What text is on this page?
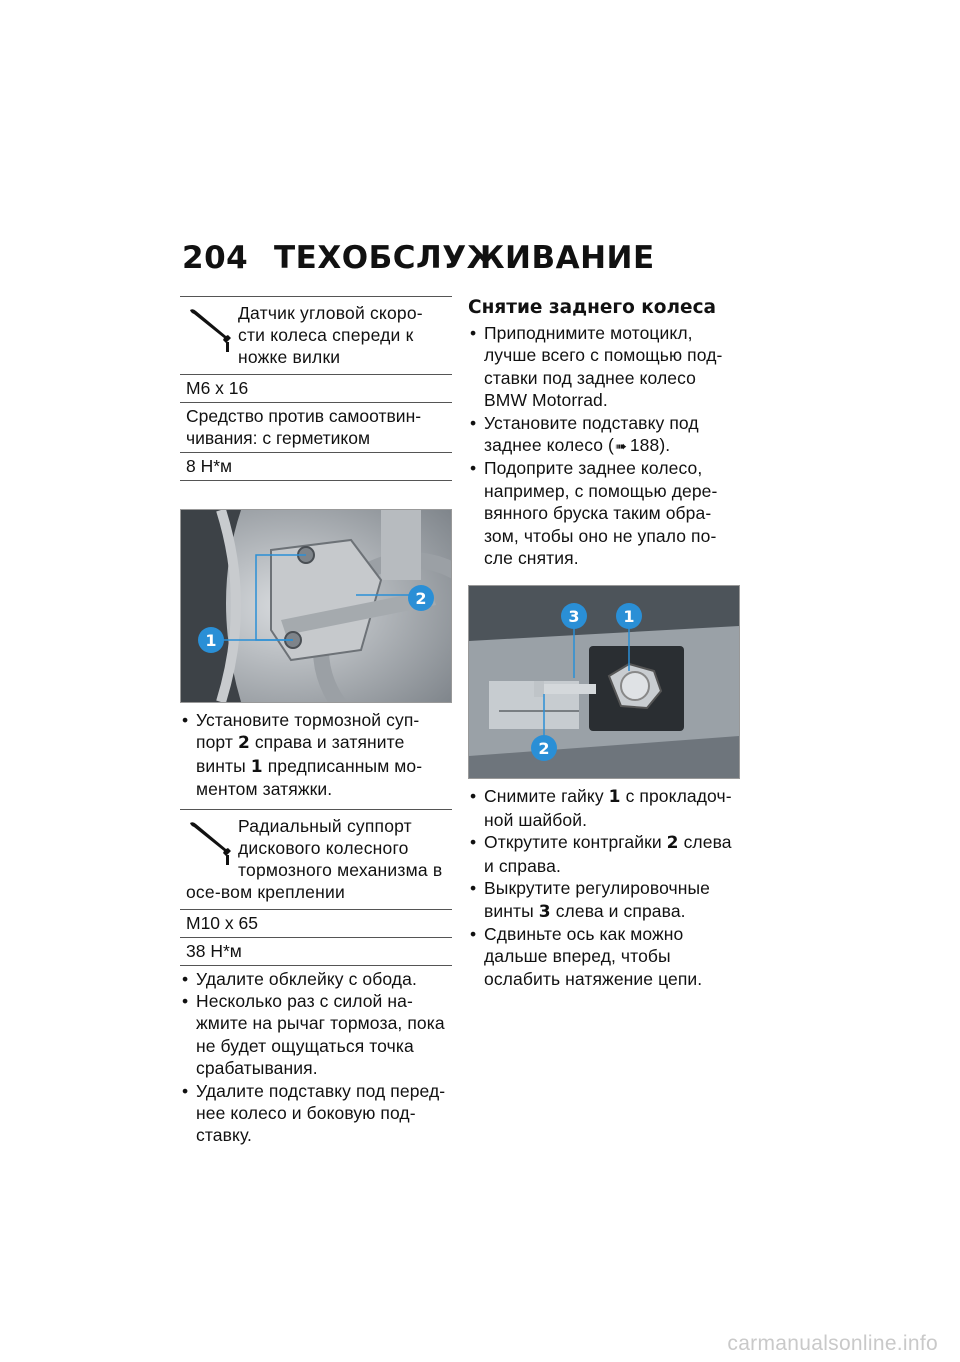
204 ТЕХОБСЛУЖИВАНИЕ
Датчик угловой скоро-сти колеса спереди к ножке вилки
M6 x 16
Средство против самоотвин-чивания: с герметиком
8 Н*м
1
2
• Установите тормозной суп-порт 2 справа и затяните винты 1 предписанным мо-ментом затяжки.
Радиальный суппорт дискового колесного тормозного механизма в осе-вом креплении
M10 x 65
38 Н*м
• Удалите обклейку с обода.
• Несколько раз с силой на-жмите на рычаг тормоза, пока не будет ощущаться точка срабатывания.
• Удалите подставку под перед-нее колесо и боковую под-ставку.
Снятие заднего колеса
• Приподнимите мотоцикл, лучше всего с помощью под-ставки под заднее колесо BMW Motorrad.
• Установите подставку под заднее колесо (➠ 188).
• Подоприте заднее колесо, например, с помощью дере-вянного бруска таким обра-зом, чтобы оно не упало по-сле снятия.
3	1
2
• Снимите гайку 1 с прокладоч-ной шайбой.
• Открутите контргайки 2 слева и справа.
• Выкрутите регулировочные винты 3 слева и справа.
• Сдвиньте ось как можно дальше вперед, чтобы ослабить натяжение цепи.
carmanualsonline.info
